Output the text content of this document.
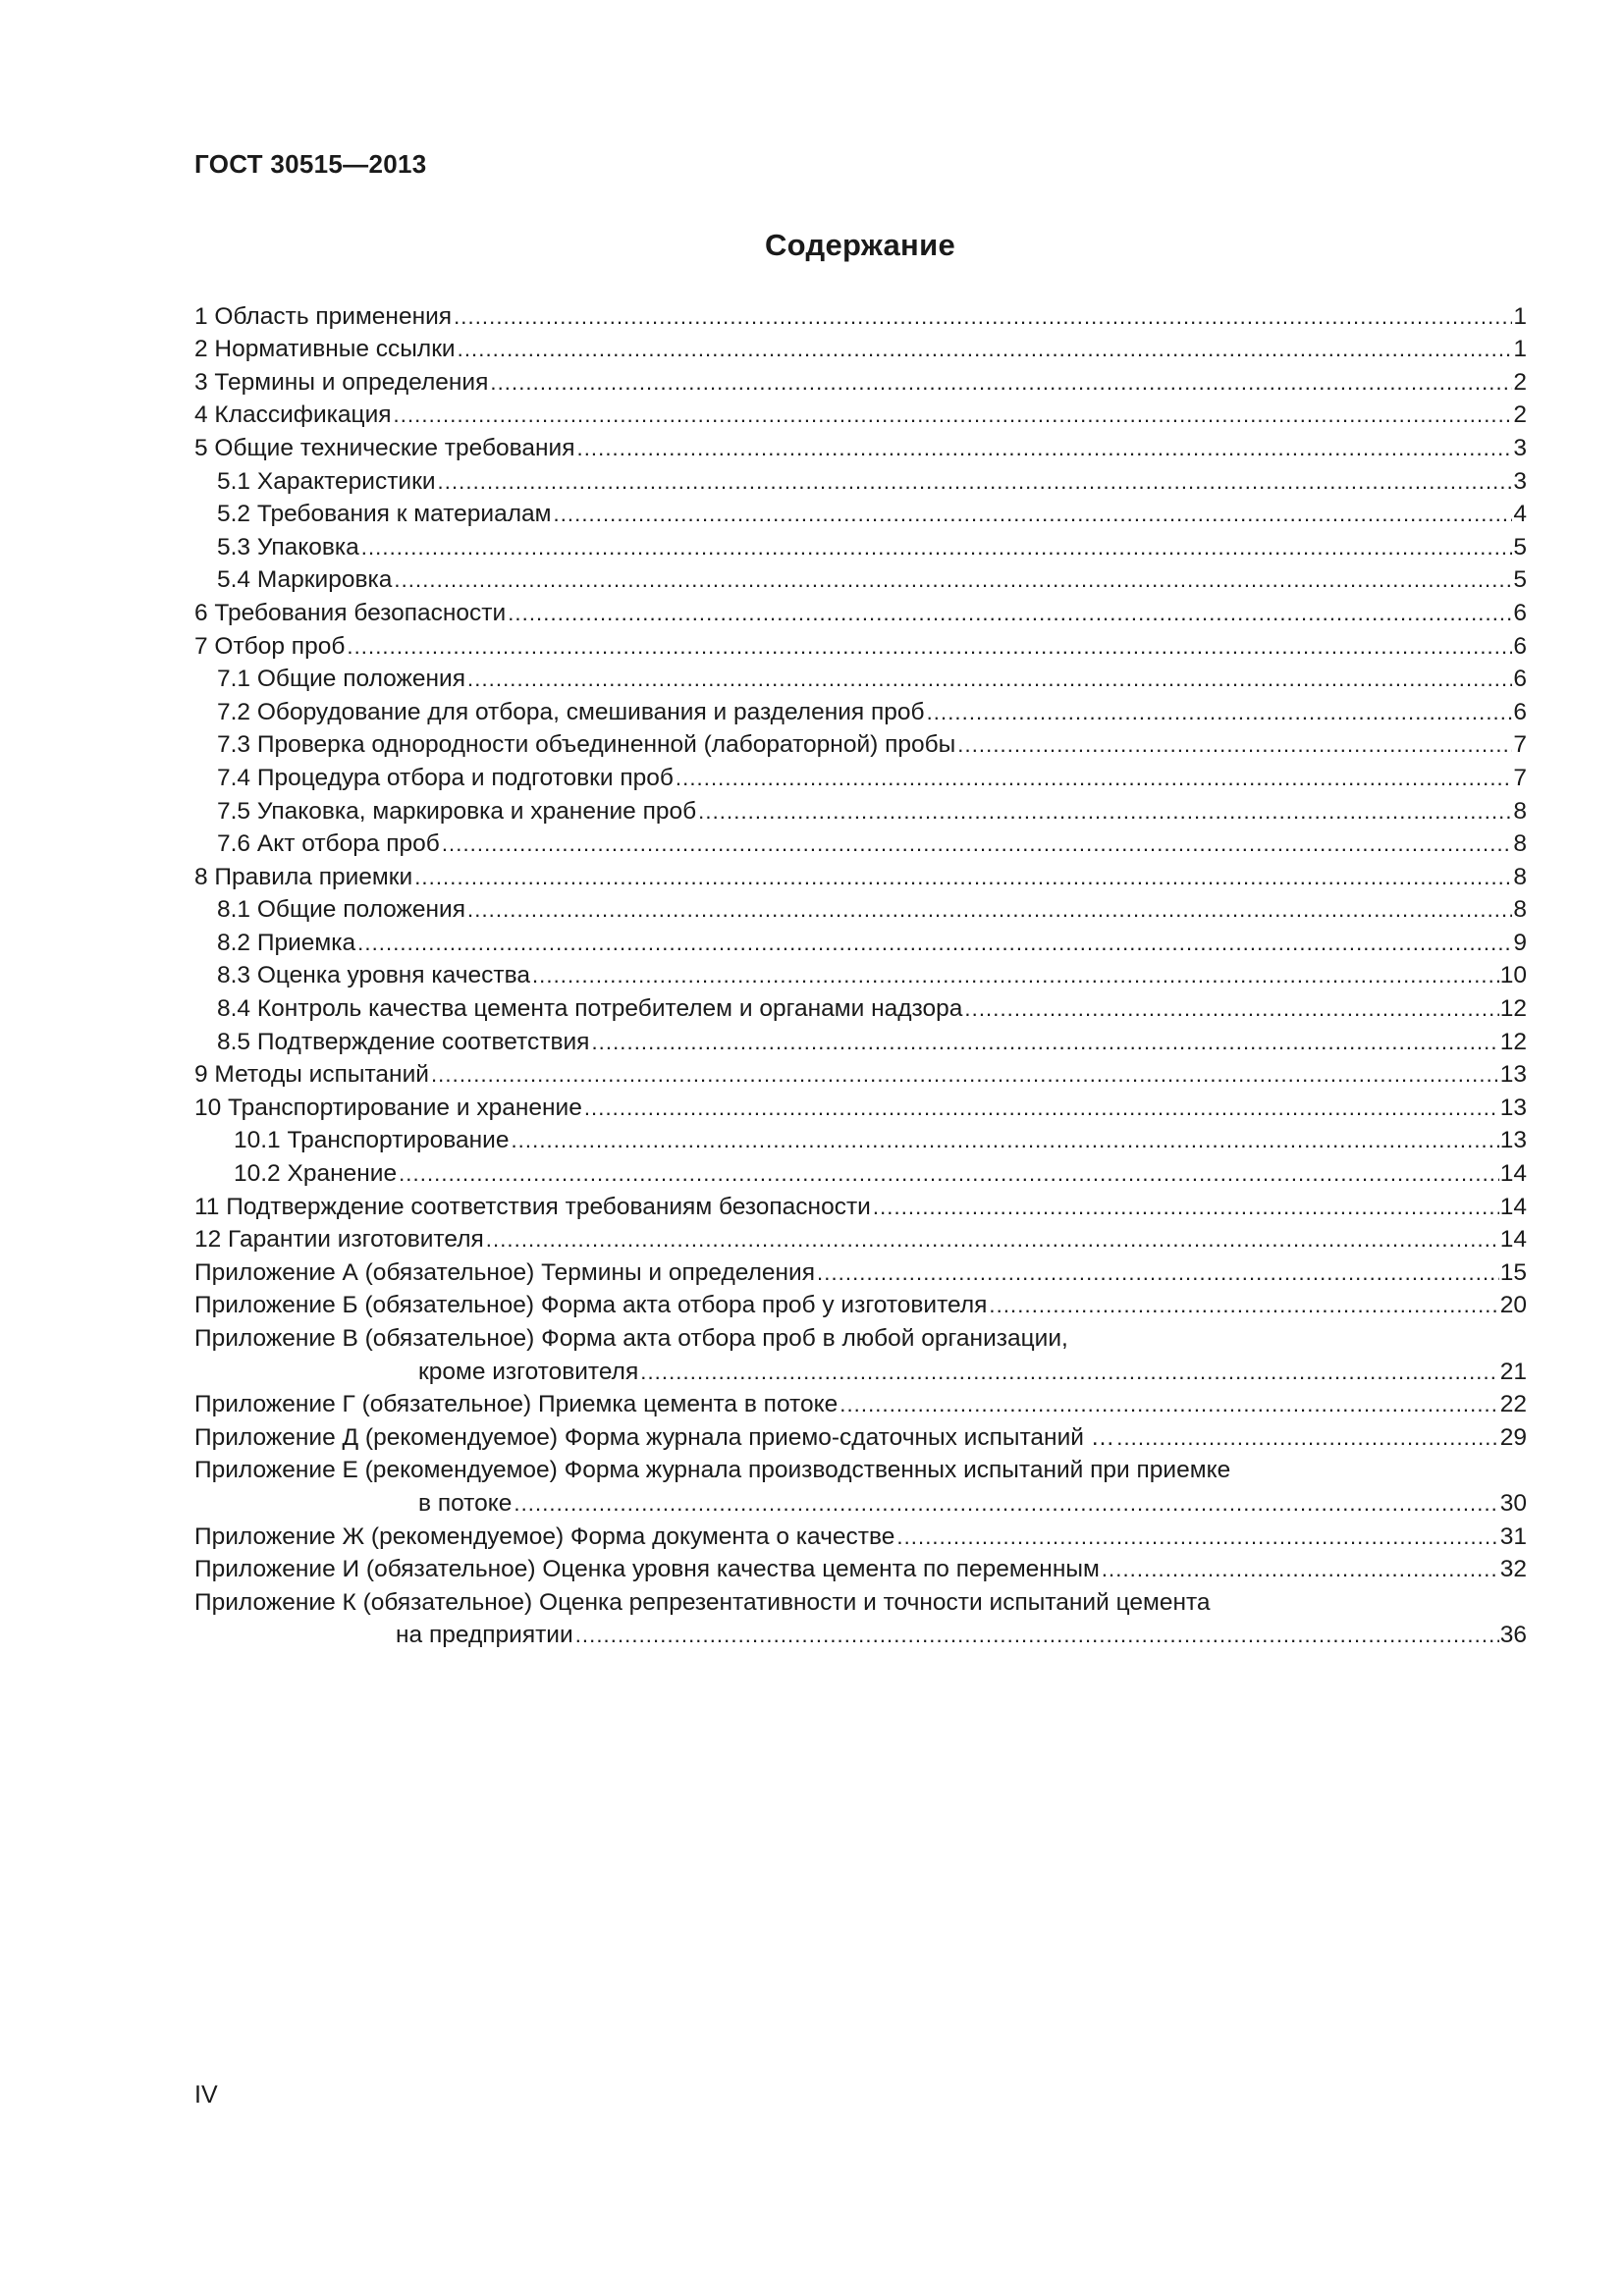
ГОСТ 30515—2013
Содержание
1 Область применения .....	1
2 Нормативные ссылки .....	1
3 Термины и определения .....	2
4 Классификация .....	2
5 Общие технические требования .....	3
5.1 Характеристики .....	3
5.2 Требования к материалам .....	4
5.3 Упаковка .....	5
5.4 Маркировка .....	5
6 Требования безопасности .....	6
7 Отбор проб .....	6
7.1 Общие положения .....	6
7.2 Оборудование для отбора, смешивания и разделения проб .....	6
7.3 Проверка однородности объединенной (лабораторной) пробы .....	7
7.4 Процедура отбора и подготовки проб .....	7
7.5 Упаковка, маркировка и хранение проб .....	8
7.6 Акт отбора проб .....	8
8 Правила приемки .....	8
8.1 Общие положения .....	8
8.2 Приемка .....	9
8.3 Оценка уровня качества .....	10
8.4 Контроль качества цемента потребителем и органами надзора .....	12
8.5 Подтверждение соответствия .....	12
9 Методы испытаний .....	13
10 Транспортирование и хранение .....	13
10.1 Транспортирование .....	13
10.2 Хранение .....	14
11 Подтверждение соответствия требованиям безопасности .....	14
12 Гарантии изготовителя .....	14
Приложение А (обязательное) Термины и определения .....	15
Приложение Б (обязательное) Форма акта отбора проб у изготовителя .....	20
Приложение В (обязательное) Форма акта отбора проб в любой организации,
кроме изготовителя .....	21
Приложение Г (обязательное) Приемка цемента в потоке .....	22
Приложение Д (рекомендуемое) Форма журнала приемо-сдаточных испытаний … .....	29
Приложение Е (рекомендуемое) Форма журнала производственных испытаний при приемке
в потоке .....	30
Приложение Ж (рекомендуемое) Форма документа о качестве .....	31
Приложение И (обязательное) Оценка уровня качества цемента по переменным .....	32
Приложение К (обязательное) Оценка репрезентативности и точности испытаний цемента
на предприятии .....	36
IV
